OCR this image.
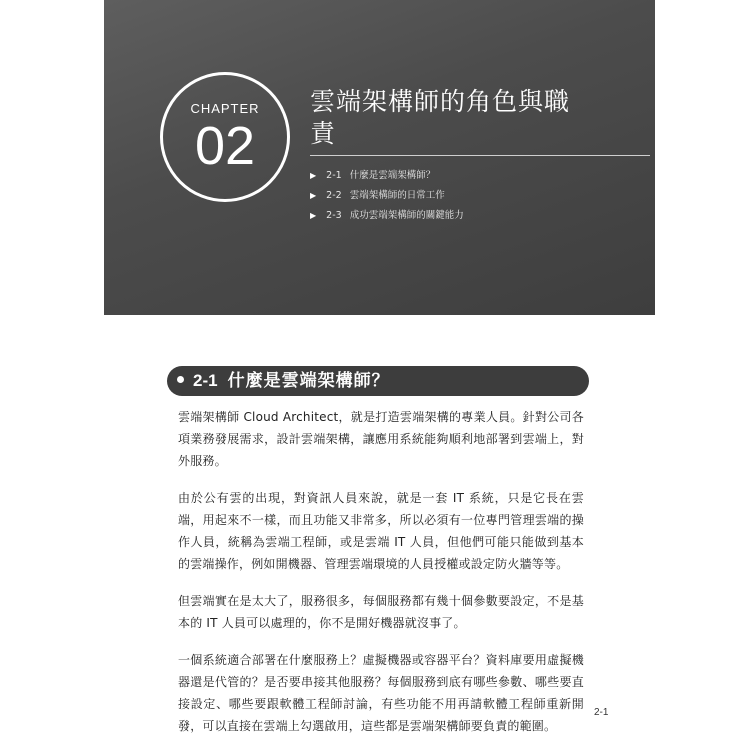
CHAPTER
02
雲端架構師的角色與職責
▶ 2-1 什麼是雲端架構師？
▶ 2-2 雲端架構師的日常工作
▶ 2-3 成功雲端架構師的關鍵能力
2-1 什麼是雲端架構師？

雲端架構師 Cloud Architect，就是打造雲端架構的專業人員。針對公司各項業務發展需求，設計雲端架構，讓應用系統能夠順利地部署到雲端上，對外服務。

由於公有雲的出現，對資訊人員來說，就是一套 IT 系統，只是它長在雲端，用起來不一樣，而且功能又非常多，所以必須有一位專門管理雲端的操作人員，統稱為雲端工程師，或是雲端 IT 人員，但他們可能只能做到基本的雲端操作，例如開機器、管理雲端環境的人員授權或設定防火牆等等。

但雲端實在是太大了，服務很多，每個服務都有幾十個參數要設定，不是基本的 IT 人員可以處理的，你不是開好機器就沒事了。

一個系統適合部署在什麼服務上？虛擬機器或容器平台？資料庫要用虛擬機器還是代管的？是否要串接其他服務？每個服務到底有哪些參數、哪些要直接設定、哪些要跟軟體工程師討論，有些功能不用再請軟體工程師重新開發，可以直接在雲端上勾選啟用，這些都是雲端架構師要負責的範圍。

2-1
